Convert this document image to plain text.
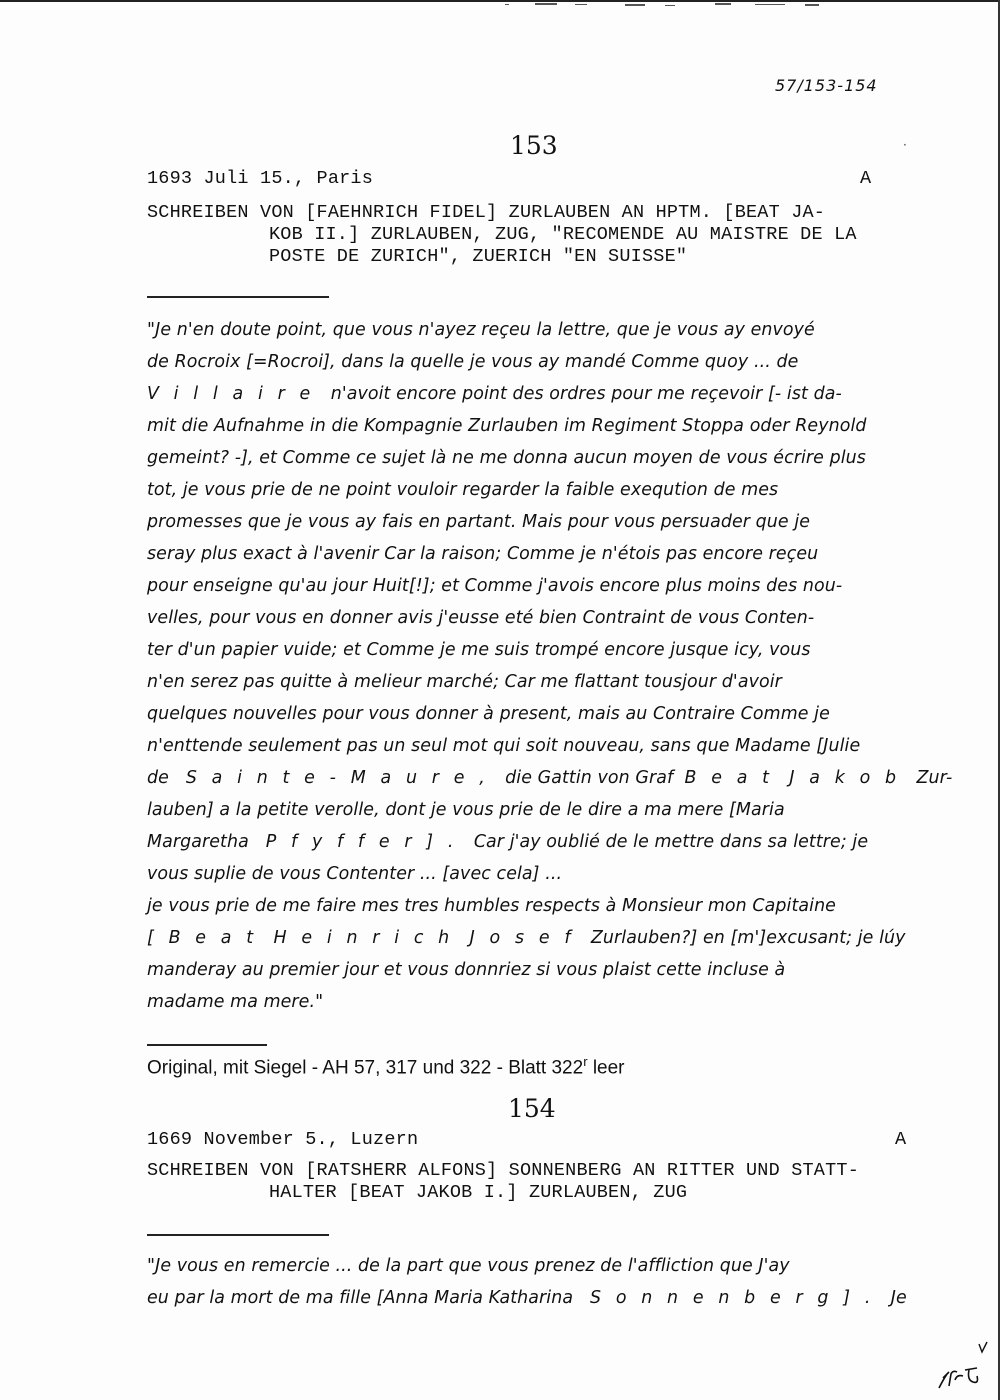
57/153-154
·
153
1693 Juli 15., Paris	A
SCHREIBEN VON [FAEHNRICH FIDEL] ZURLAUBEN AN HPTM. [BEAT JA-
KOB II.] ZURLAUBEN, ZUG, "RECOMENDE AU MAISTRE DE LA
POSTE DE ZURICH", ZUERICH "EN SUISSE"
"Je n'en doute point, que vous n'ayez reçeu la lettre, que je vous ay envoyé
de Rocroix [=Rocroi], dans la quelle je vous ay mandé Comme quoy ... de
Villaire n'avoit encore point des ordres pour me reçevoir [- ist da-
mit die Aufnahme in die Kompagnie Zurlauben im Regiment Stoppa oder Reynold
gemeint? -], et Comme ce sujet là ne me donna aucun moyen de vous écrire plus
tot, je vous prie de ne point vouloir regarder la faible exeqution de mes
promesses que je vous ay fais en partant. Mais pour vous persuader que je
seray plus exact à l'avenir Car la raison; Comme je n'étois pas encore reçeu
pour enseigne qu'au jour Huit[!]; et Comme j'avois encore plus moins des nou-
velles, pour vous en donner avis j'eusse eté bien Contraint de vous Conten-
ter d'un papier vuide; et Comme je me suis trompé encore jusque icy, vous
n'en serez pas quitte à melieur marché; Car me flattant tousjour d'avoir
quelques nouvelles pour vous donner à present, mais au Contraire Comme je
n'enttende seulement pas un seul mot qui soit nouveau, sans que Madame [Julie
de Sainte-Maure, die Gattin von Graf Beat Jakob Zur-
lauben] a la petite verolle, dont je vous prie de le dire a ma mere [Maria
Margaretha Pfyffer]. Car j'ay oublié de le mettre dans sa lettre; je
vous suplie de vous Contenter ... [avec cela] ...
je vous prie de me faire mes tres humbles respects à Monsieur mon Capitaine
[Beat Heinrich Josef Zurlauben?] en [m']excusant; je lúy
manderay au premier jour et vous donnriez si vous plaist cette incluse à
madame ma mere."
Original, mit Siegel - AH 57, 317 und 322 - Blatt 322$^r$ leer
154
1669 November 5., Luzern	A
SCHREIBEN VON [RATSHERR ALFONS] SONNENBERG AN RITTER UND STATT-
HALTER [BEAT JAKOB I.] ZURLAUBEN, ZUG
"Je vous en remercie ... de la part que vous prenez de l'affliction que J'ay
eu par la mort de ma fille [Anna Maria Katharina Sonnenberg]. Je
